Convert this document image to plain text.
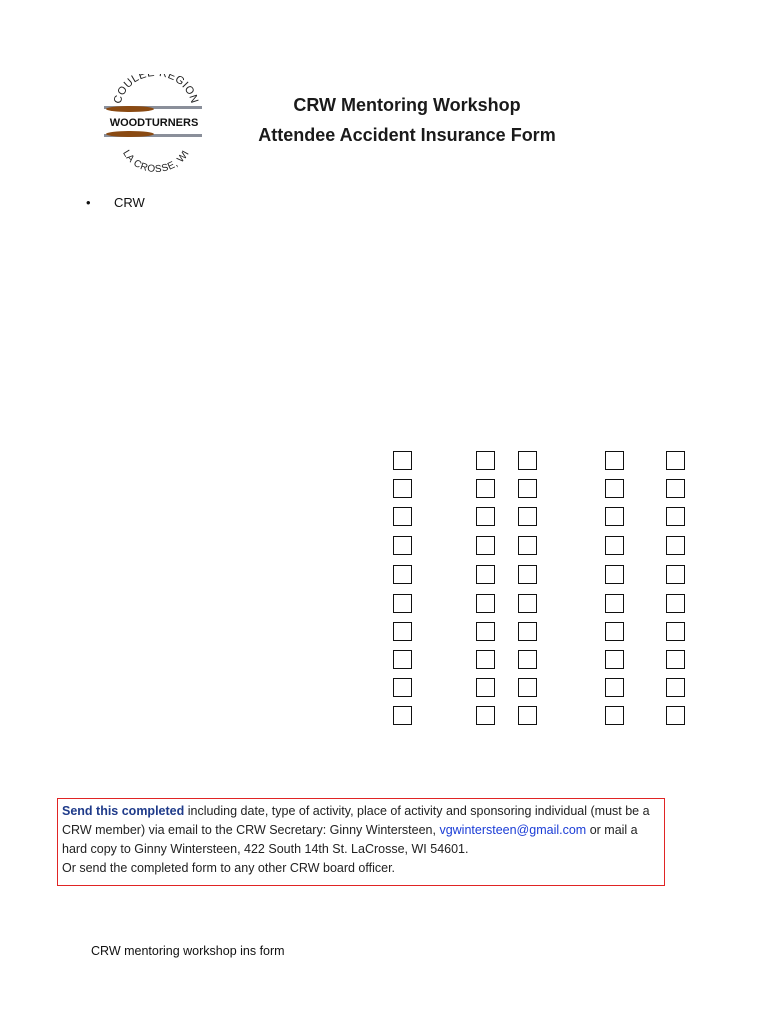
COULE EGION
WOODTURNERS
LA CROSSE, WI
CRW Mentoring Workshop
Attendee Accident Insurance Form
• CRW
Send this completed including date, type of activity, place of activity and sponsoring individual (must be a CRW member) via email to the CRW Secretary: Ginny Wintersteen, vgwintersteen@gmail.com or mail a hard copy to Ginny Wintersteen, 422 South 14th St. LaCrosse, WI 54601.
Or send the completed form to any other CRW board officer.
CRW mentoring workshop ins form
